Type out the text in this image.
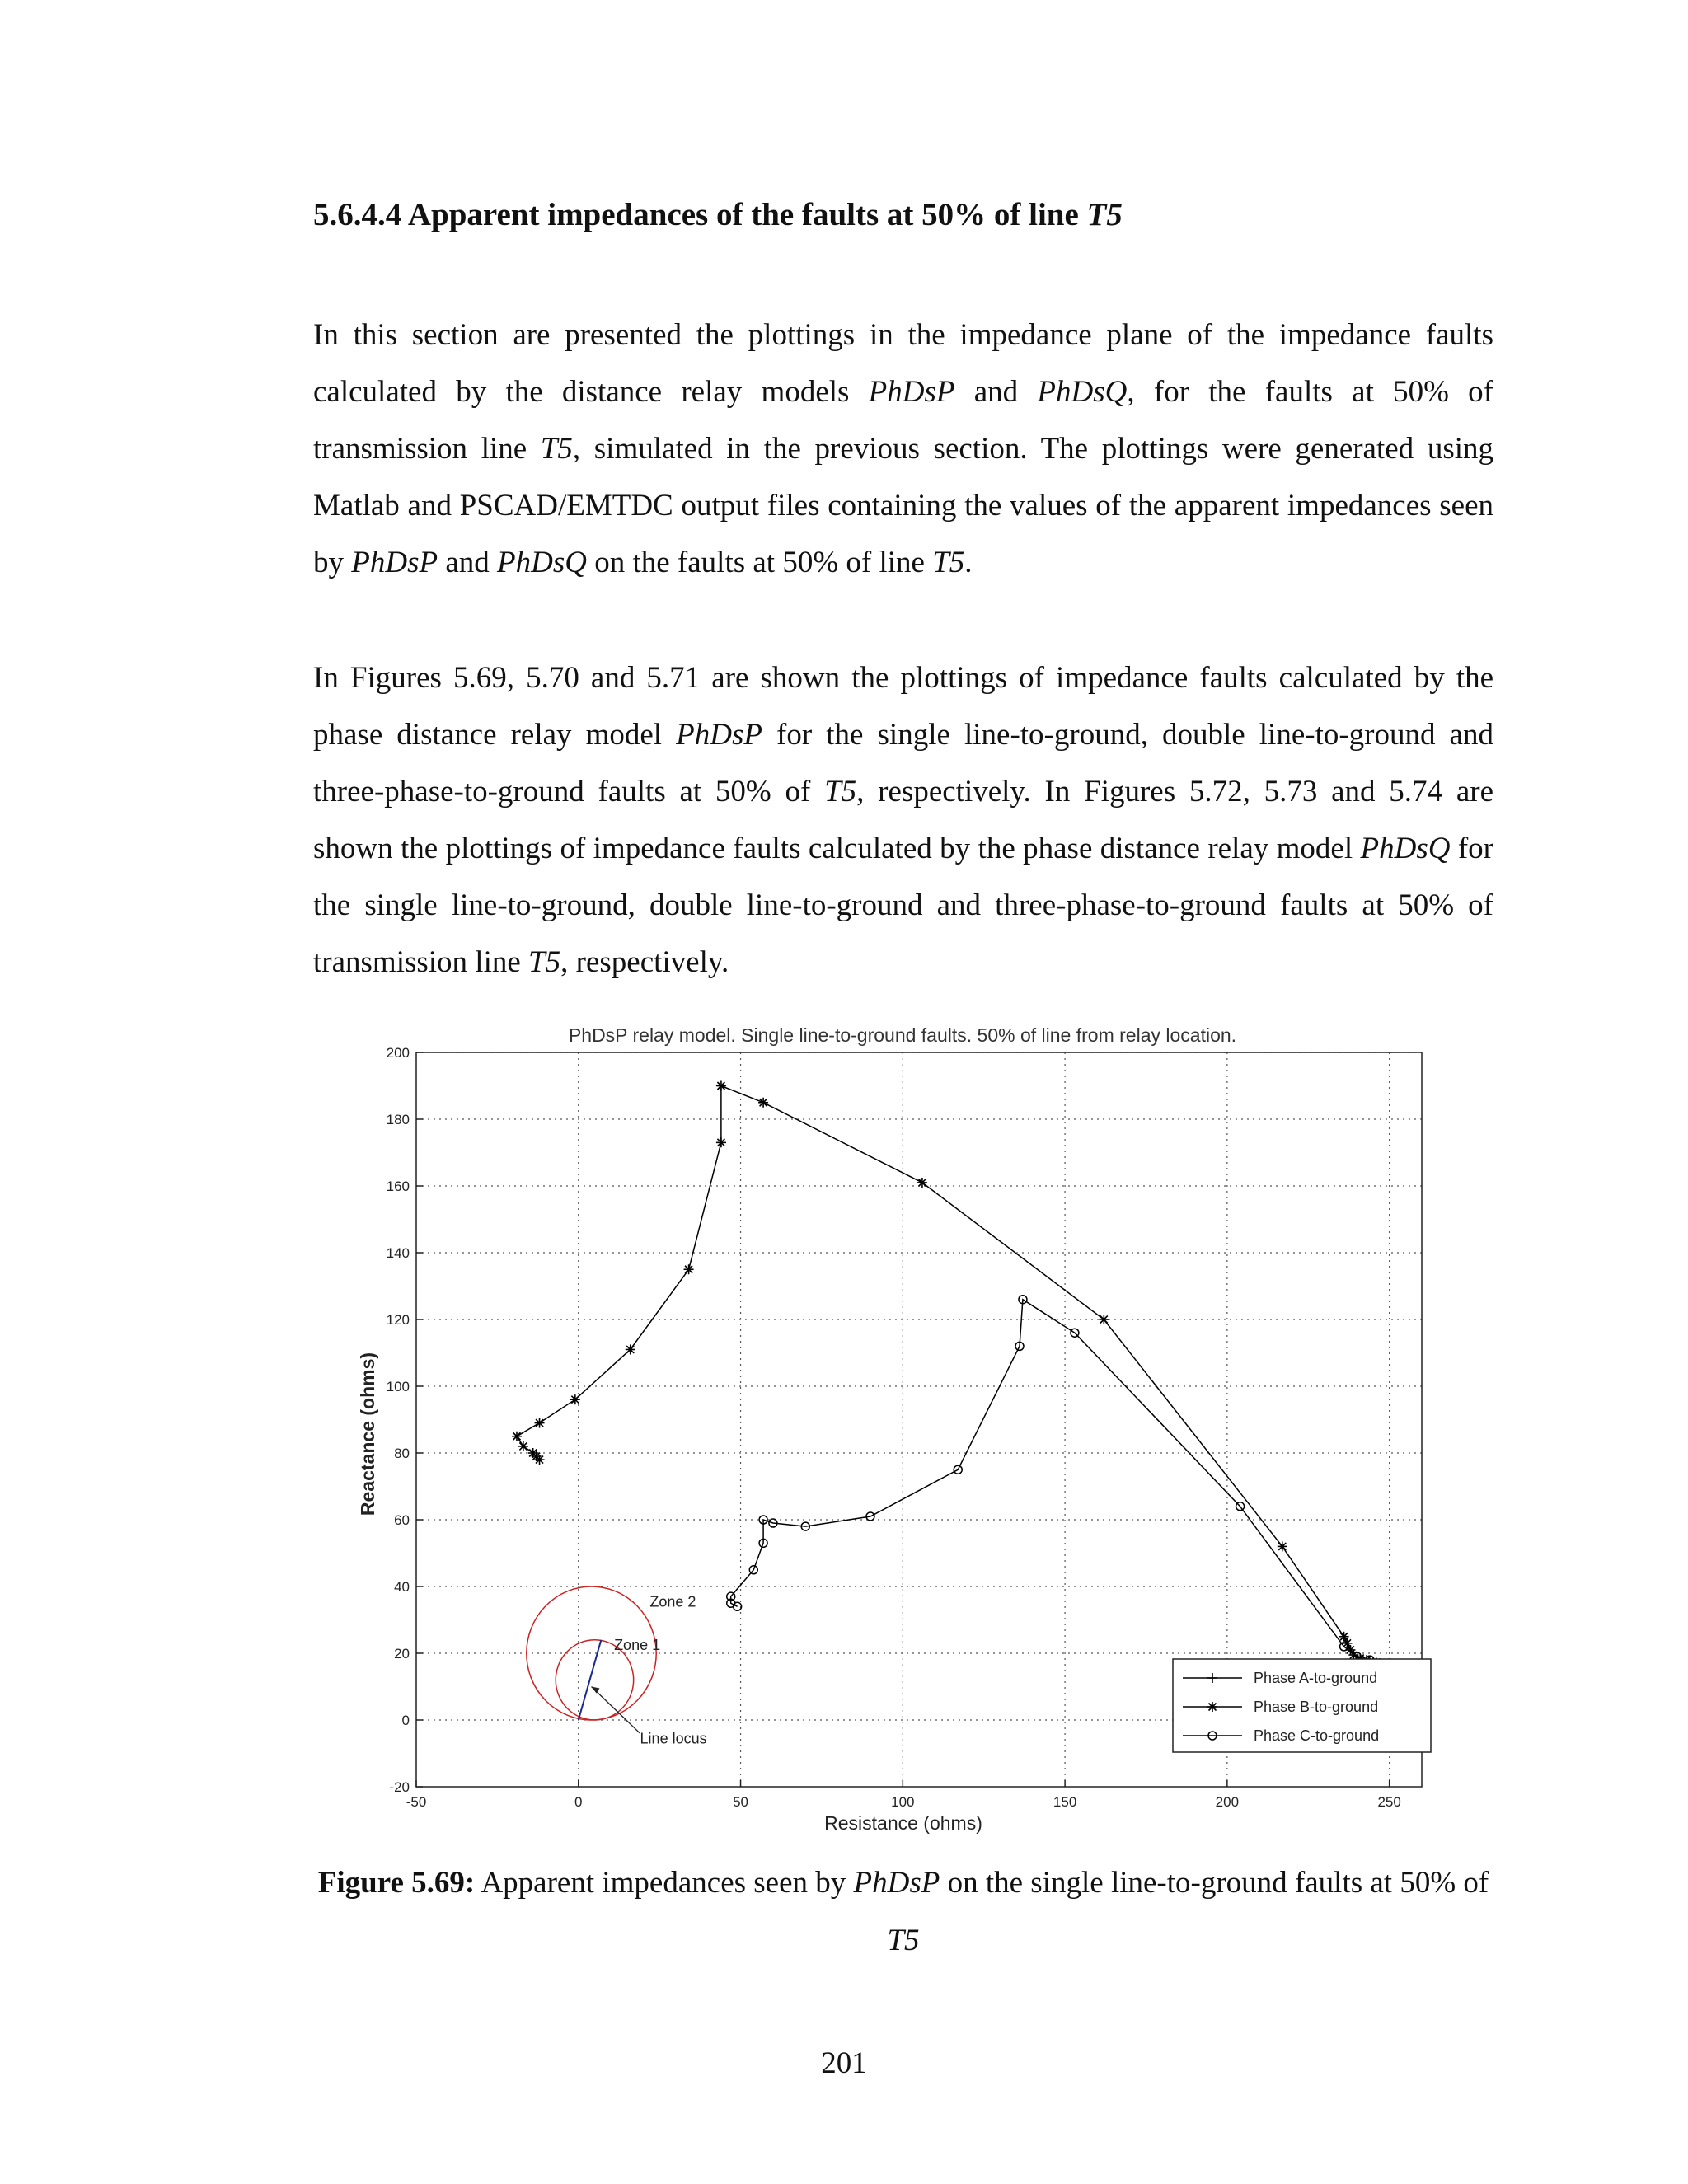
5.6.4.4 Apparent impedances of the faults at 50% of line T5

In this section are presented the plottings in the impedance plane of the impedance faults calculated by the distance relay models PhDsP and PhDsQ, for the faults at 50% of transmission line T5, simulated in the previous section. The plottings were generated using Matlab and PSCAD/EMTDC output files containing the values of the apparent impedances seen by PhDsP and PhDsQ on the faults at 50% of line T5.

In Figures 5.69, 5.70 and 5.71 are shown the plottings of impedance faults calculated by the phase distance relay model PhDsP for the single line-to-ground, double line-to-ground and three-phase-to-ground faults at 50% of T5, respectively. In Figures 5.72, 5.73 and 5.74 are shown the plottings of impedance faults calculated by the phase distance relay model PhDsQ for the single line-to-ground, double line-to-ground and three-phase-to-ground faults at 50% of transmission line T5, respectively.

-50	0	50	100	150	200	250
-20
0
20
40
60
80
100
120
140
160
180
200
Zone 2
Zone 1
Line locus
Phase A-to-ground
Phase B-to-ground
Phase C-to-ground
PhDsP relay model. Single line-to-ground faults. 50% of line from relay location.
Resistance (ohms)
Reactance (ohms)

Figure 5.69: Apparent impedances seen by PhDsP on the single line-to-ground faults at 50% of T5

201
